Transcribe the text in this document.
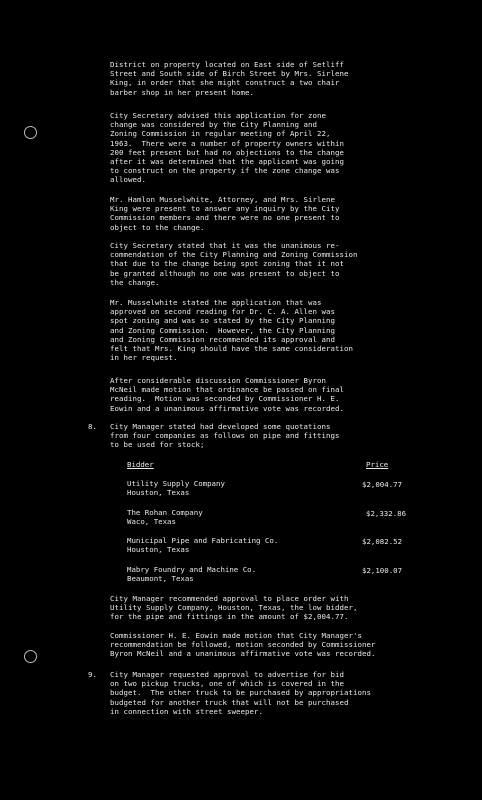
District on property located on East side of Setliff
Street and South side of Birch Street by Mrs. Sirlene
King, in order that she might construct a two chair
barber shop in her present home.
City Secretary advised this application for zone
change was considered by the City Planning and
Zoning Commission in regular meeting of April 22,
1963.  There were a number of property owners within
200 feet present but had no objections to the change
after it was determined that the applicant was going
to construct on the property if the zone change was
allowed.
Mr. Hamlon Musselwhite, Attorney, and Mrs. Sirlene
King were present to answer any inquiry by the City
Commission members and there were no one present to
object to the change.
City Secretary stated that it was the unanimous re-
commendation of the City Planning and Zoning Commission
that due to the change being spot zoning that it not
be granted although no one was present to object to
the change.
Mr. Musselwhite stated the application that was
approved on second reading for Dr. C. A. Allen was
spot zoning and was so stated by the City Planning
and Zoning Commission.  However, the City Planning
and Zoning Commission recommended its approval and
felt that Mrs. King should have the same consideration
in her request.
After considerable discussion Commissioner Byron
McNeil made motion that ordinance be passed on final
reading.  Motion was seconded by Commissioner H. E.
Eowin and a unanimous affirmative vote was recorded.
8. City Manager stated had developed some quotations
from four companies as follows on pipe and fittings
to be used for stock;
Bidder	Price
Utility Supply Company
Houston, Texas
$2,004.77
The Rohan Company
Waco, Texas
$2,332.86
Municipal Pipe and Fabricating Co.
Houston, Texas
$2,082.52
Mabry Foundry and Machine Co.
Beaumont, Texas
$2,100.07
City Manager recommended approval to place order with
Utility Supply Company, Houston, Texas, the low bidder,
for the pipe and fittings in the amount of $2,004.77.
Commissioner H. E. Eowin made motion that City Manager's
recommendation be followed, motion seconded by Commissioner
Byron McNeil and a unanimous affirmative vote was recorded.
9. City Manager requested approval to advertise for bid
on two pickup trucks, one of which is covered in the
budget.  The other truck to be purchased by appropriations
budgeted for another truck that will not be purchased
in connection with street sweeper.
